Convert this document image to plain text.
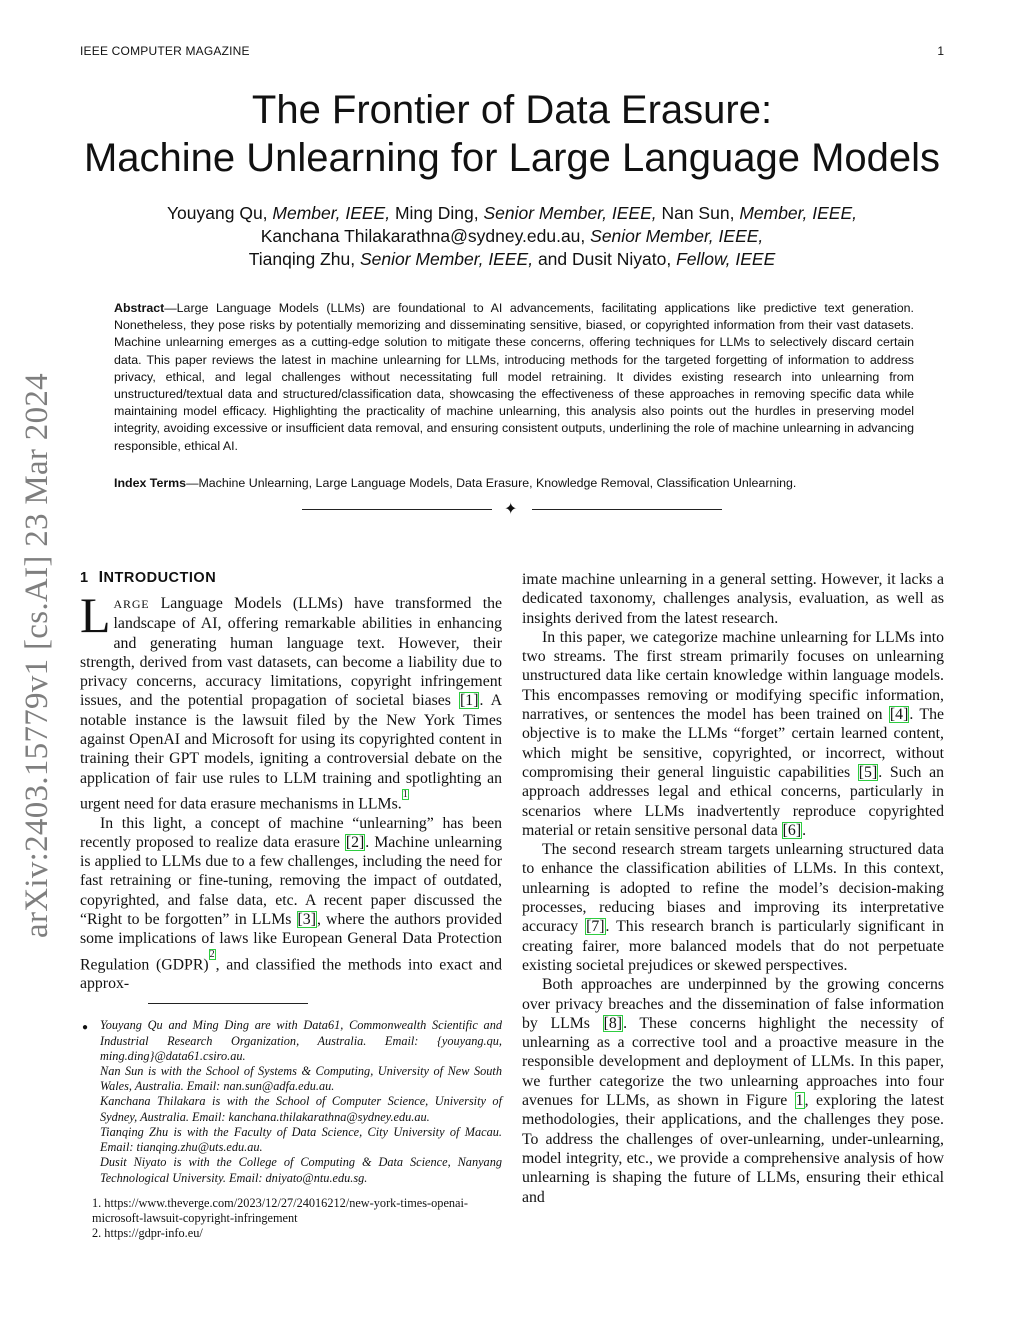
IEEE COMPUTER MAGAZINE	1
The Frontier of Data Erasure:
Machine Unlearning for Large Language Models
Youyang Qu, Member, IEEE, Ming Ding, Senior Member, IEEE, Nan Sun, Member, IEEE,
Kanchana Thilakarathna@sydney.edu.au, Senior Member, IEEE,
Tianqing Zhu, Senior Member, IEEE, and Dusit Niyato, Fellow, IEEE
Abstract—Large Language Models (LLMs) are foundational to AI advancements, facilitating applications like predictive text generation. Nonetheless, they pose risks by potentially memorizing and disseminating sensitive, biased, or copyrighted information from their vast datasets. Machine unlearning emerges as a cutting-edge solution to mitigate these concerns, offering techniques for LLMs to selectively discard certain data. This paper reviews the latest in machine unlearning for LLMs, introducing methods for the targeted forgetting of information to address privacy, ethical, and legal challenges without necessitating full model retraining. It divides existing research into unlearning from unstructured/textual data and structured/classification data, showcasing the effectiveness of these approaches in removing specific data while maintaining model efficacy. Highlighting the practicality of machine unlearning, this analysis also points out the hurdles in preserving model integrity, avoiding excessive or insufficient data removal, and ensuring consistent outputs, underlining the role of machine unlearning in advancing responsible, ethical AI.
Index Terms—Machine Unlearning, Large Language Models, Data Erasure, Knowledge Removal, Classification Unlearning.
✦
arXiv:2403.15779v1 [cs.AI] 23 Mar 2024 1 INTRODUCTION

LARGE Language Models (LLMs) have transformed the landscape of AI, offering remarkable abilities in enhancing and generating human language text. However, their strength, derived from vast datasets, can become a liability due to privacy concerns, accuracy limitations, copyright infringement issues, and the potential propagation of societal biases [1]. A notable instance is the lawsuit filed by the New York Times against OpenAI and Microsoft for using its copyrighted content in training their GPT models, igniting a controversial debate on the application of fair use rules to LLM training and spotlighting an urgent need for data erasure mechanisms in LLMs.$^{^1}$

In this light, a concept of machine “unlearning” has been recently proposed to realize data erasure [2]. Machine unlearning is applied to LLMs due to a few challenges, including the need for fast retraining or fine-tuning, removing the impact of outdated, copyrighted, and false data, etc. A recent paper discussed the “Right to be forgotten” in LLMs [3], where the authors provided some implications of laws like European General Data Protection Regulation (GDPR)$^{^2}$, and classified the methods into exact and approx-

● Youyang Qu and Ming Ding are with Data61, Commonwealth Scientific and Industrial Research Organization, Australia. Email: {youyang.qu, ming.ding}@data61.csiro.au.

Nan Sun is with the School of Systems & Computing, University of New South Wales, Australia. Email: nan.sun@adfa.edu.au.

Kanchana Thilakara is with the School of Computer Science, University of Sydney, Australia. Email: kanchana.thilakarathna@sydney.edu.au.

Tianqing Zhu is with the Faculty of Data Science, City University of Macau. Email: tianqing.zhu@uts.edu.au.

Dusit Niyato is with the College of Computing & Data Science, Nanyang Technological University. Email: dniyato@ntu.edu.sg.

1. https://www.theverge.com/2023/12/27/24016212/new-york-times-openai-microsoft-lawsuit-copyright-infringement

2. https://gdpr-info.eu/

imate machine unlearning in a general setting. However, it lacks a dedicated taxonomy, challenges analysis, evaluation, as well as insights derived from the latest research.

In this paper, we categorize machine unlearning for LLMs into two streams. The first stream primarily focuses on unlearning unstructured data like certain knowledge within language models. This encompasses removing or modifying specific information, narratives, or sentences the model has been trained on [4]. The objective is to make the LLMs “forget” certain learned content, which might be sensitive, copyrighted, or incorrect, without compromising their general linguistic capabilities [5]. Such an approach addresses legal and ethical concerns, particularly in scenarios where LLMs inadvertently reproduce copyrighted material or retain sensitive personal data [6].

The second research stream targets unlearning structured data to enhance the classification abilities of LLMs. In this context, unlearning is adopted to refine the model’s decision-making processes, reducing biases and improving its interpretative accuracy [7]. This research branch is particularly significant in creating fairer, more balanced models that do not perpetuate existing societal prejudices or skewed perspectives.

Both approaches are underpinned by the growing concerns over privacy breaches and the dissemination of false information by LLMs [8]. These concerns highlight the necessity of unlearning as a corrective tool and a proactive measure in the responsible development and deployment of LLMs. In this paper, we further categorize the two unlearning approaches into four avenues for LLMs, as shown in Figure 1, exploring the latest methodologies, their applications, and the challenges they pose. To address the challenges of over-unlearning, under-unlearning, model integrity, etc., we provide a comprehensive analysis of how unlearning is shaping the future of LLMs, ensuring their ethical and
